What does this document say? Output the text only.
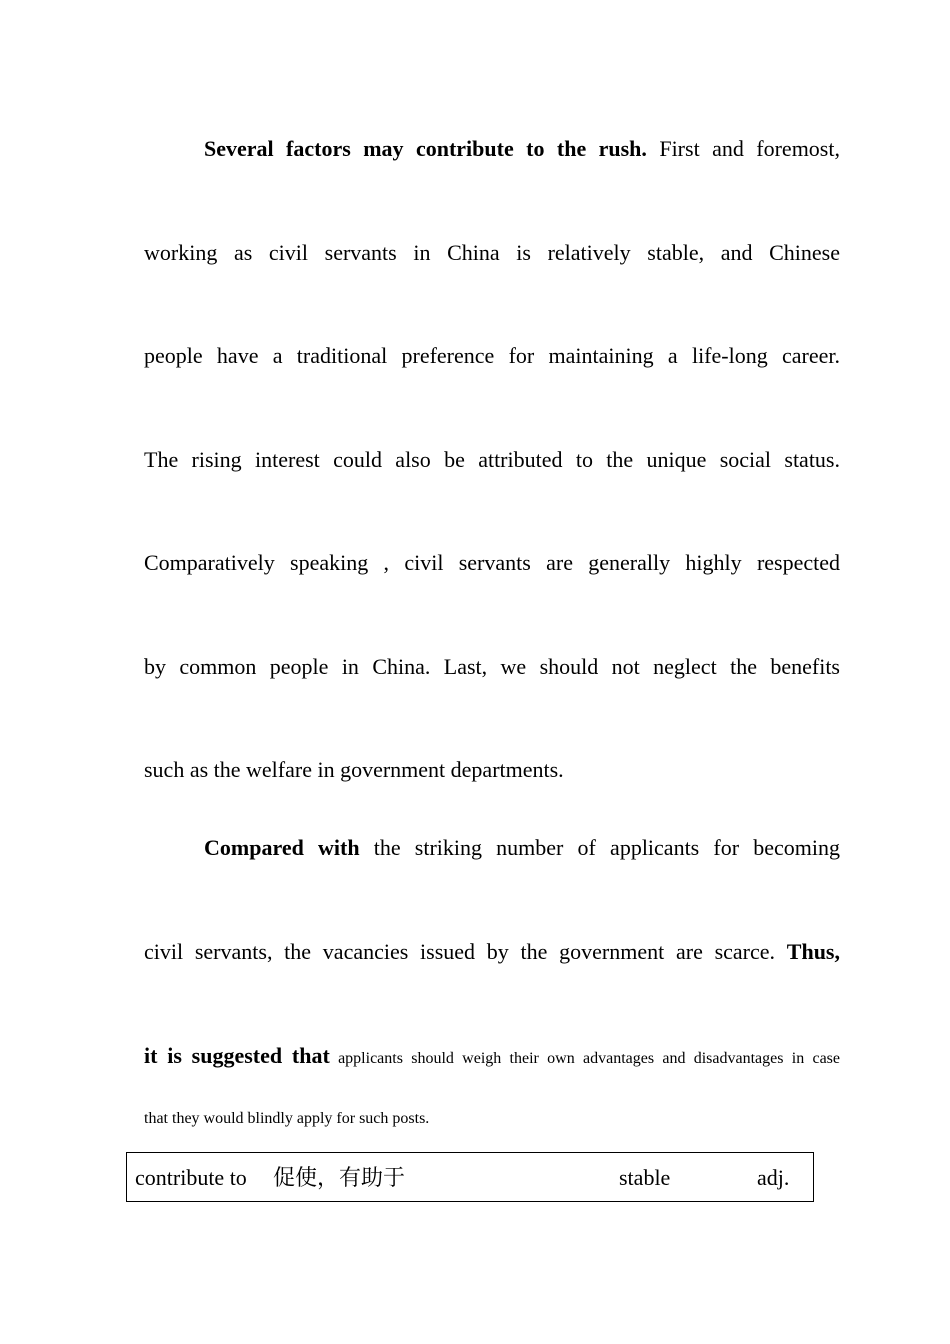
Several factors may contribute to the rush. First and foremost,
working as civil servants in China is relatively stable, and Chinese
people have a traditional preference for maintaining a life-long career.
The rising interest could also be attributed to the unique social status.
Comparatively speaking , civil servants are generally highly respected
by common people in China. Last, we should not neglect the benefits
such as the welfare in government departments.
Compared with the striking number of applicants for becoming
civil servants, the vacancies issued by the government are scarce. Thus,
it is suggested that applicants should weigh their own advantages and disadvantages in case
that they would blindly apply for such posts.
contribute to 促使，有助于	stable	adj.
